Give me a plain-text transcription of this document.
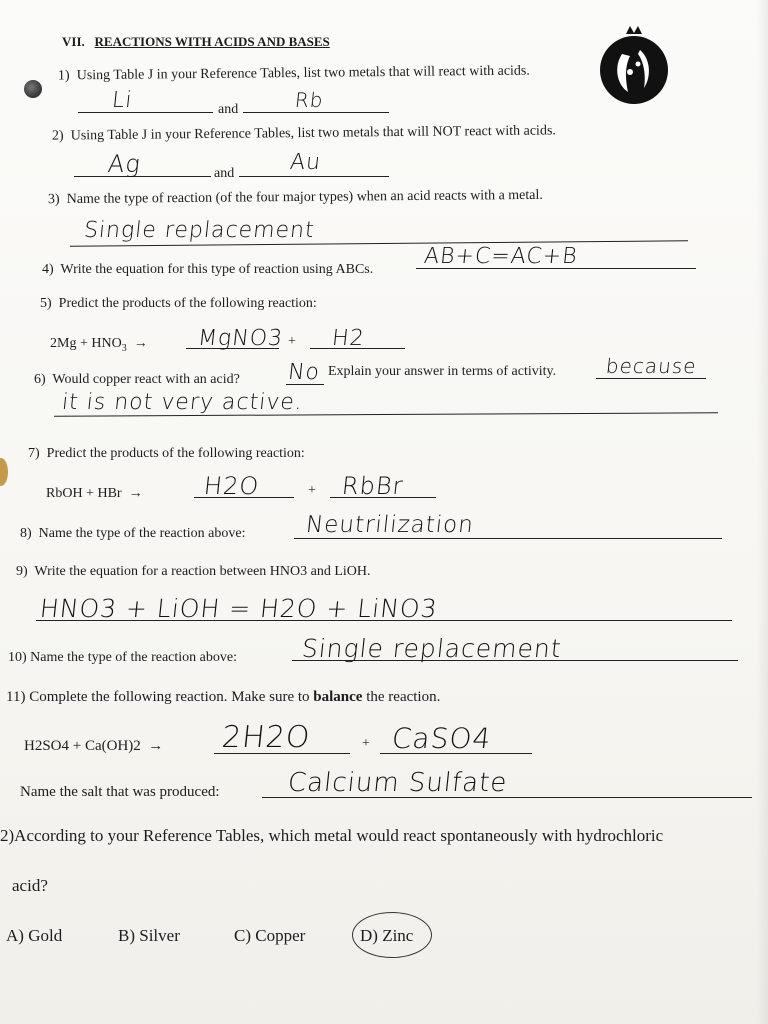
VII. REACTIONS WITH ACIDS AND BASES
1) Using Table J in your Reference Tables, list two metals that will react with acids.
and
Li	Rb
2) Using Table J in your Reference Tables, list two metals that will NOT react with acids.
and
Ag	Au
3) Name the type of reaction (of the four major types) when an acid reacts with a metal.
Single replacement
4) Write the equation for this type of reaction using ABCs.
AB+C=AC+B
5) Predict the products of the following reaction:
$2Mg + HNO_3$ →	+
MgNO3 H2
6) Would copper react with an acid? No Explain your answer in terms of activity. because
it is not very active.
7) Predict the products of the following reaction:
RbOH + HBr →	+
H2O	RbBr
8) Name the type of the reaction above:	Neutrilization
9) Write the equation for a reaction between HNO3 and LiOH.
HNO3 + LiOH = H2O + LiNO3
10) Name the type of the reaction above:	Single replacement
11) Complete the following reaction. Make sure to balance the reaction.
H2SO4 + Ca(OH)2 →	+
2H2O	CaSO4
Name the salt that was produced:	Calcium Sulfate
2)According to your Reference Tables, which metal would react spontaneously with hydrochloric
acid?
A) Gold	B) Silver	C) Copper	D) Zinc
